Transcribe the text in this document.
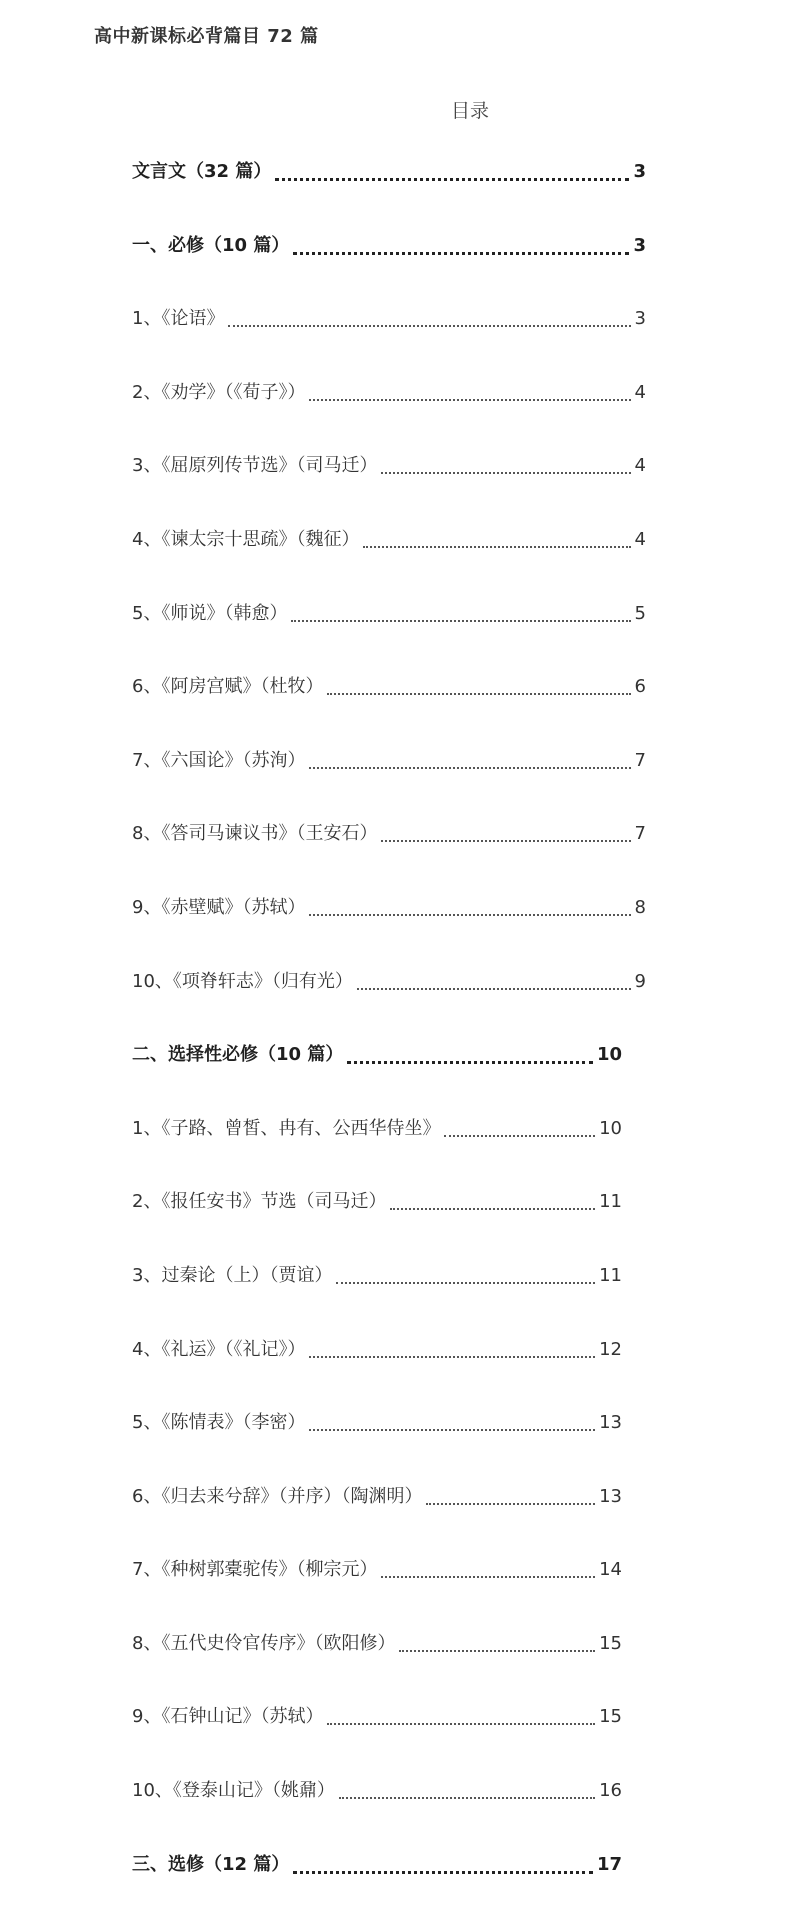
高中新课标必背篇目 72 篇
目录
文言文（32 篇）	3
一、必修（10 篇）	3
1、《论语》	3
2、《劝学》（《荀子》）	4
3、《屈原列传节选》（司马迁）	4
4、《谏太宗十思疏》（魏征）	4
5、《师说》（韩愈）	5
6、《阿房宫赋》（杜牧）	6
7、《六国论》（苏洵）	7
8、《答司马谏议书》（王安石）	7
9、《赤壁赋》（苏轼）	8
10、《项脊轩志》（归有光）	9
二、选择性必修（10 篇）	10
1、《子路、曾皙、冉有、公西华侍坐》	10
2、《报任安书》节选（司马迁）	11
3、过秦论（上）（贾谊）	11
4、《礼运》（《礼记》）	12
5、《陈情表》（李密）	13
6、《归去来兮辞》（并序）（陶渊明）	13
7、《种树郭橐驼传》（柳宗元）	14
8、《五代史伶官传序》（欧阳修）	15
9、《石钟山记》（苏轼）	15
10、《登泰山记》（姚鼐）	16
三、选修（12 篇）	17
